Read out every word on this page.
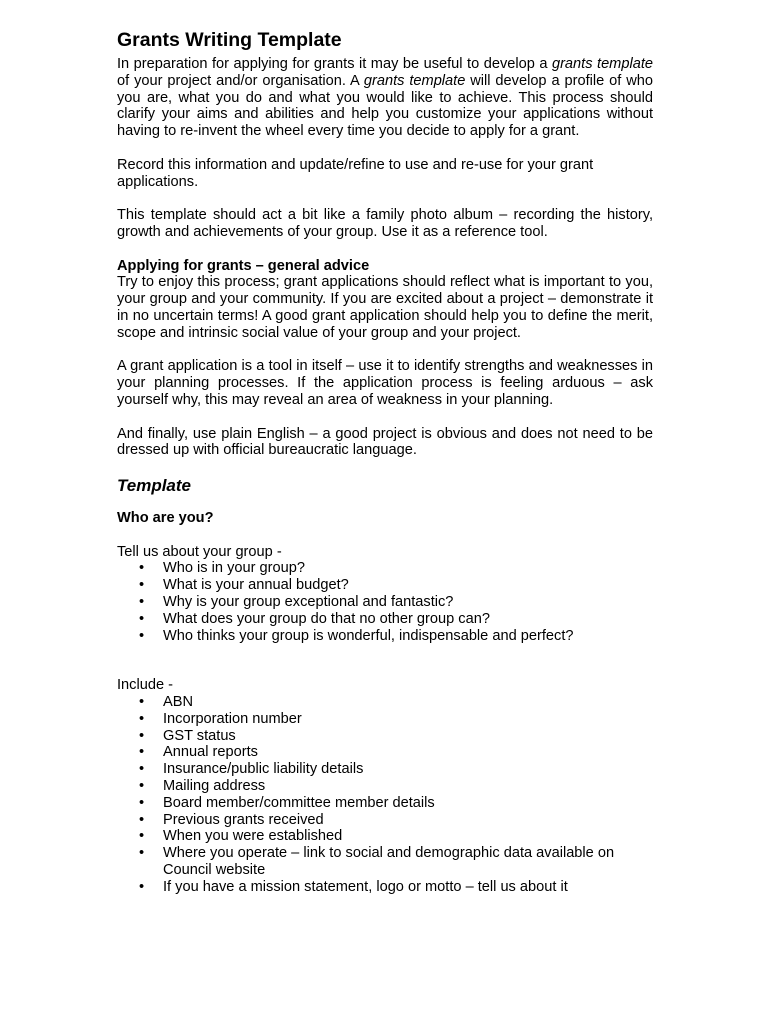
Grants Writing Template

In preparation for applying for grants it may be useful to develop a grants template of your project and/or organisation. A grants template will develop a profile of who you are, what you do and what you would like to achieve. This process should clarify your aims and abilities and help you customize your applications without having to re-invent the wheel every time you decide to apply for a grant.

Record this information and update/refine to use and re-use for your grant applications.

This template should act a bit like a family photo album – recording the history, growth and achievements of your group. Use it as a reference tool.

Applying for grants – general advice

Try to enjoy this process; grant applications should reflect what is important to you, your group and your community. If you are excited about a project – demonstrate it in no uncertain terms! A good grant application should help you to define the merit, scope and intrinsic social value of your group and your project.

A grant application is a tool in itself – use it to identify strengths and weaknesses in your planning processes. If the application process is feeling arduous – ask yourself why, this may reveal an area of weakness in your planning.

And finally, use plain English – a good project is obvious and does not need to be dressed up with official bureaucratic language.

Template
Who are you?
Tell us about your group -
• Who is in your group?
• What is your annual budget?
• Why is your group exceptional and fantastic?
• What does your group do that no other group can?
• Who thinks your group is wonderful, indispensable and perfect?
Include -
• ABN
• Incorporation number
• GST status
• Annual reports
• Insurance/public liability details
• Mailing address
• Board member/committee member details
• Previous grants received
• When you were established
• Where you operate – link to social and demographic data available on Council website
• If you have a mission statement, logo or motto – tell us about it
